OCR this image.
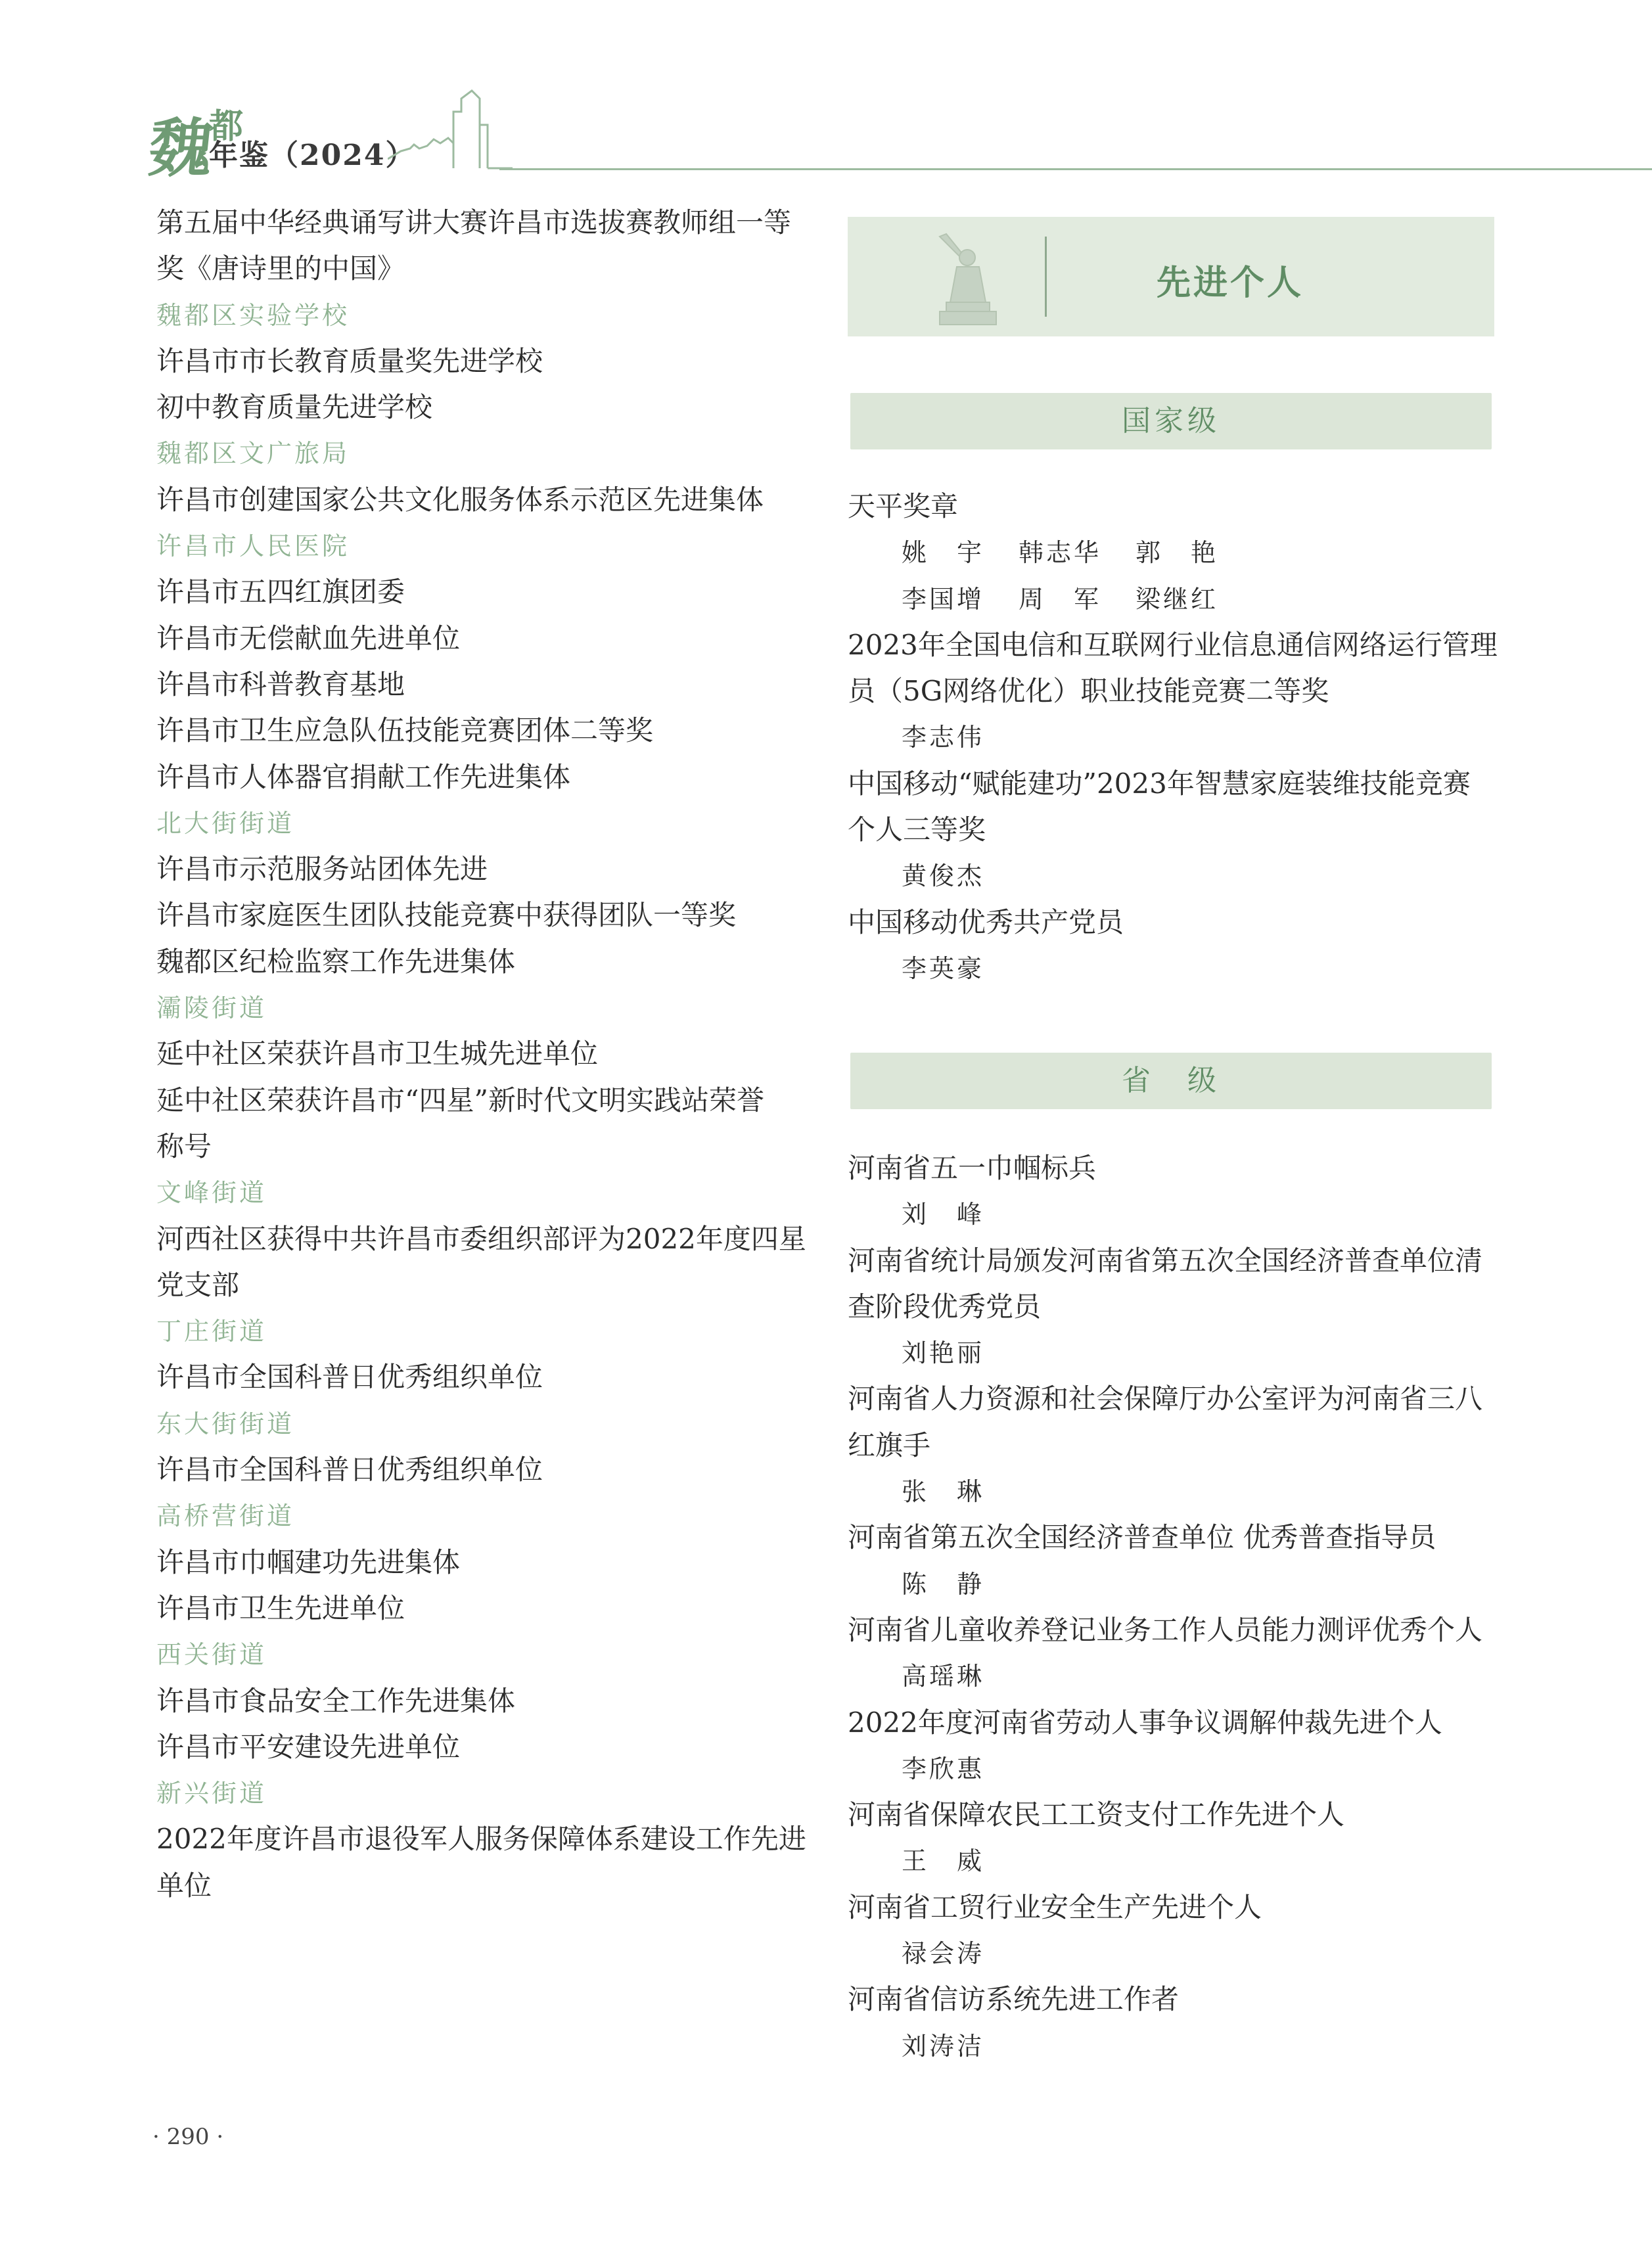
魏
都
年鉴（2024）
第五届中华经典诵写讲大赛许昌市选拔赛教师组一等
奖《唐诗里的中国》
魏都区实验学校
许昌市市长教育质量奖先进学校
初中教育质量先进学校
魏都区文广旅局
许昌市创建国家公共文化服务体系示范区先进集体
许昌市人民医院
许昌市五四红旗团委
许昌市无偿献血先进单位
许昌市科普教育基地
许昌市卫生应急队伍技能竞赛团体二等奖
许昌市人体器官捐献工作先进集体
北大街街道
许昌市示范服务站团体先进
许昌市家庭医生团队技能竞赛中获得团队一等奖
魏都区纪检监察工作先进集体
灞陵街道
延中社区荣获许昌市卫生城先进单位
延中社区荣获许昌市“四星”新时代文明实践站荣誉
称号
文峰街道
河西社区获得中共许昌市委组织部评为2022年度四星
党支部
丁庄街道
许昌市全国科普日优秀组织单位
东大街街道
许昌市全国科普日优秀组织单位
高桥营街道
许昌市巾帼建功先进集体
许昌市卫生先进单位
西关街道
许昌市食品安全工作先进集体
许昌市平安建设先进单位
新兴街道
2022年度许昌市退役军人服务保障体系建设工作先进
单位
先进个人
国家级
天平奖章
姚　宇 韩志华 郭　艳
李国增 周　军 梁继红
2023年全国电信和互联网行业信息通信网络运行管理
员（5G网络优化）职业技能竞赛二等奖
李志伟
中国移动“赋能建功”2023年智慧家庭装维技能竞赛
个人三等奖
黄俊杰
中国移动优秀共产党员
李英豪
省　级
河南省五一巾帼标兵
刘　峰
河南省统计局颁发河南省第五次全国经济普查单位清
查阶段优秀党员
刘艳丽
河南省人力资源和社会保障厅办公室评为河南省三八
红旗手
张　琳
河南省第五次全国经济普查单位 优秀普查指导员
陈　静
河南省儿童收养登记业务工作人员能力测评优秀个人
高瑶琳
2022年度河南省劳动人事争议调解仲裁先进个人
李欣惠
河南省保障农民工工资支付工作先进个人
王　威
河南省工贸行业安全生产先进个人
禄会涛
河南省信访系统先进工作者
刘涛洁
· 290 ·
